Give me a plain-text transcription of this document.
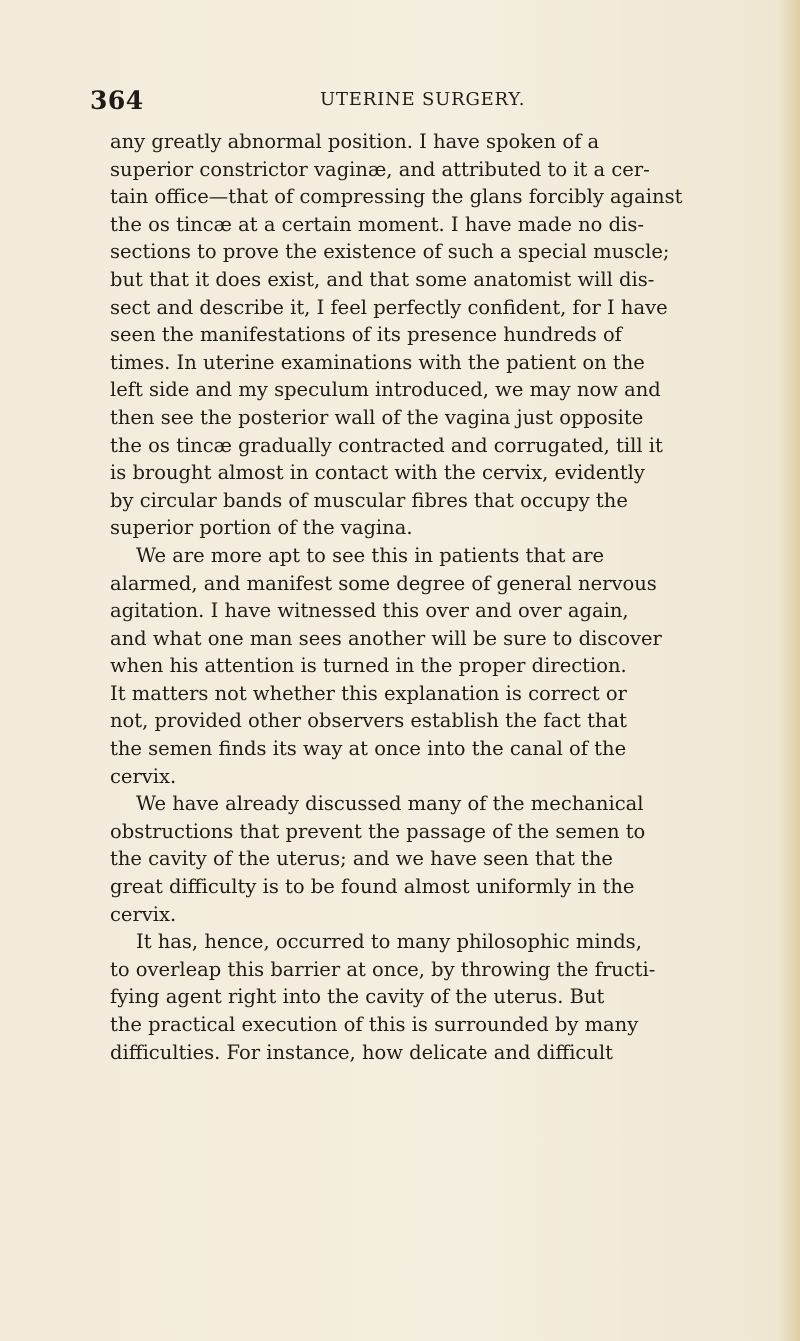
364	UTERINE SURGERY.
any greatly abnormal position. I have spoken of a
superior constrictor vaginæ, and attributed to it a cer-
tain office—that of compressing the glans forcibly against
the os tincæ at a certain moment. I have made no dis-
sections to prove the existence of such a special muscle;
but that it does exist, and that some anatomist will dis-
sect and describe it, I feel perfectly confident, for I have
seen the manifestations of its presence hundreds of
times. In uterine examinations with the patient on the
left side and my speculum introduced, we may now and
then see the posterior wall of the vagina just opposite
the os tincæ gradually contracted and corrugated, till it
is brought almost in contact with the cervix, evidently
by circular bands of muscular fibres that occupy the
superior portion of the vagina.
We are more apt to see this in patients that are
alarmed, and manifest some degree of general nervous
agitation. I have witnessed this over and over again,
and what one man sees another will be sure to discover
when his attention is turned in the proper direction.
It matters not whether this explanation is correct or
not, provided other observers establish the fact that
the semen finds its way at once into the canal of the
cervix.
We have already discussed many of the mechanical
obstructions that prevent the passage of the semen to
the cavity of the uterus; and we have seen that the
great difficulty is to be found almost uniformly in the
cervix.
It has, hence, occurred to many philosophic minds,
to overleap this barrier at once, by throwing the fructi-
fying agent right into the cavity of the uterus. But
the practical execution of this is surrounded by many
difficulties. For instance, how delicate and difficult
